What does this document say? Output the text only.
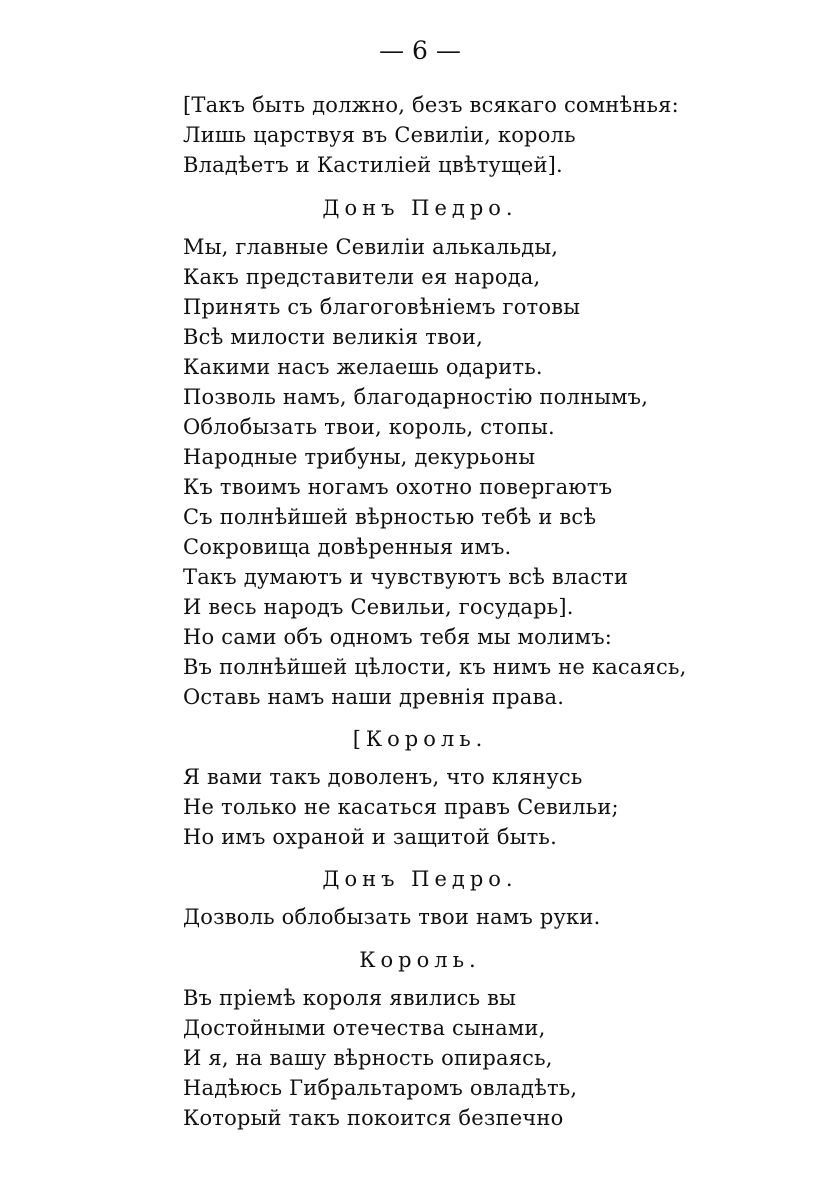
— 6 —
[Такъ быть должно, безъ всякаго сомнѣнья:
Лишь царствуя въ Севиліи, король
Владѣетъ и Кастиліей цвѣтущей].
Донъ Педро.
Мы, главные Севиліи алькальды,
Какъ представители ея народа,
Принять съ благоговѣніемъ готовы
Всѣ милости великія твои,
Какими насъ желаешь одарить.
Позволь намъ, благодарностію полнымъ,
Облобызать твои, король, стопы.
Народные трибуны, декурьоны
Къ твоимъ ногамъ охотно повергаютъ
Съ полнѣйшей вѣрностью тебѣ и всѣ
Сокровища довѣренныя имъ.
Такъ думаютъ и чувствуютъ всѣ власти
И весь народъ Севильи, государь].
Но сами объ одномъ тебя мы молимъ:
Въ полнѣйшей цѣлости, къ нимъ не касаясь,
Оставь намъ наши древнія права.
[Король.
Я вами такъ доволенъ, что клянусь
Не только не касаться правъ Севильи;
Но имъ охраной и защитой быть.
Донъ Педро.
Дозволь облобызать твои намъ руки.
Король.
Въ пріемѣ короля явились вы
Достойными отечества сынами,
И я, на вашу вѣрность опираясь,
Надѣюсь Гибральтаромъ овладѣть,
Который такъ покоится безпечно
